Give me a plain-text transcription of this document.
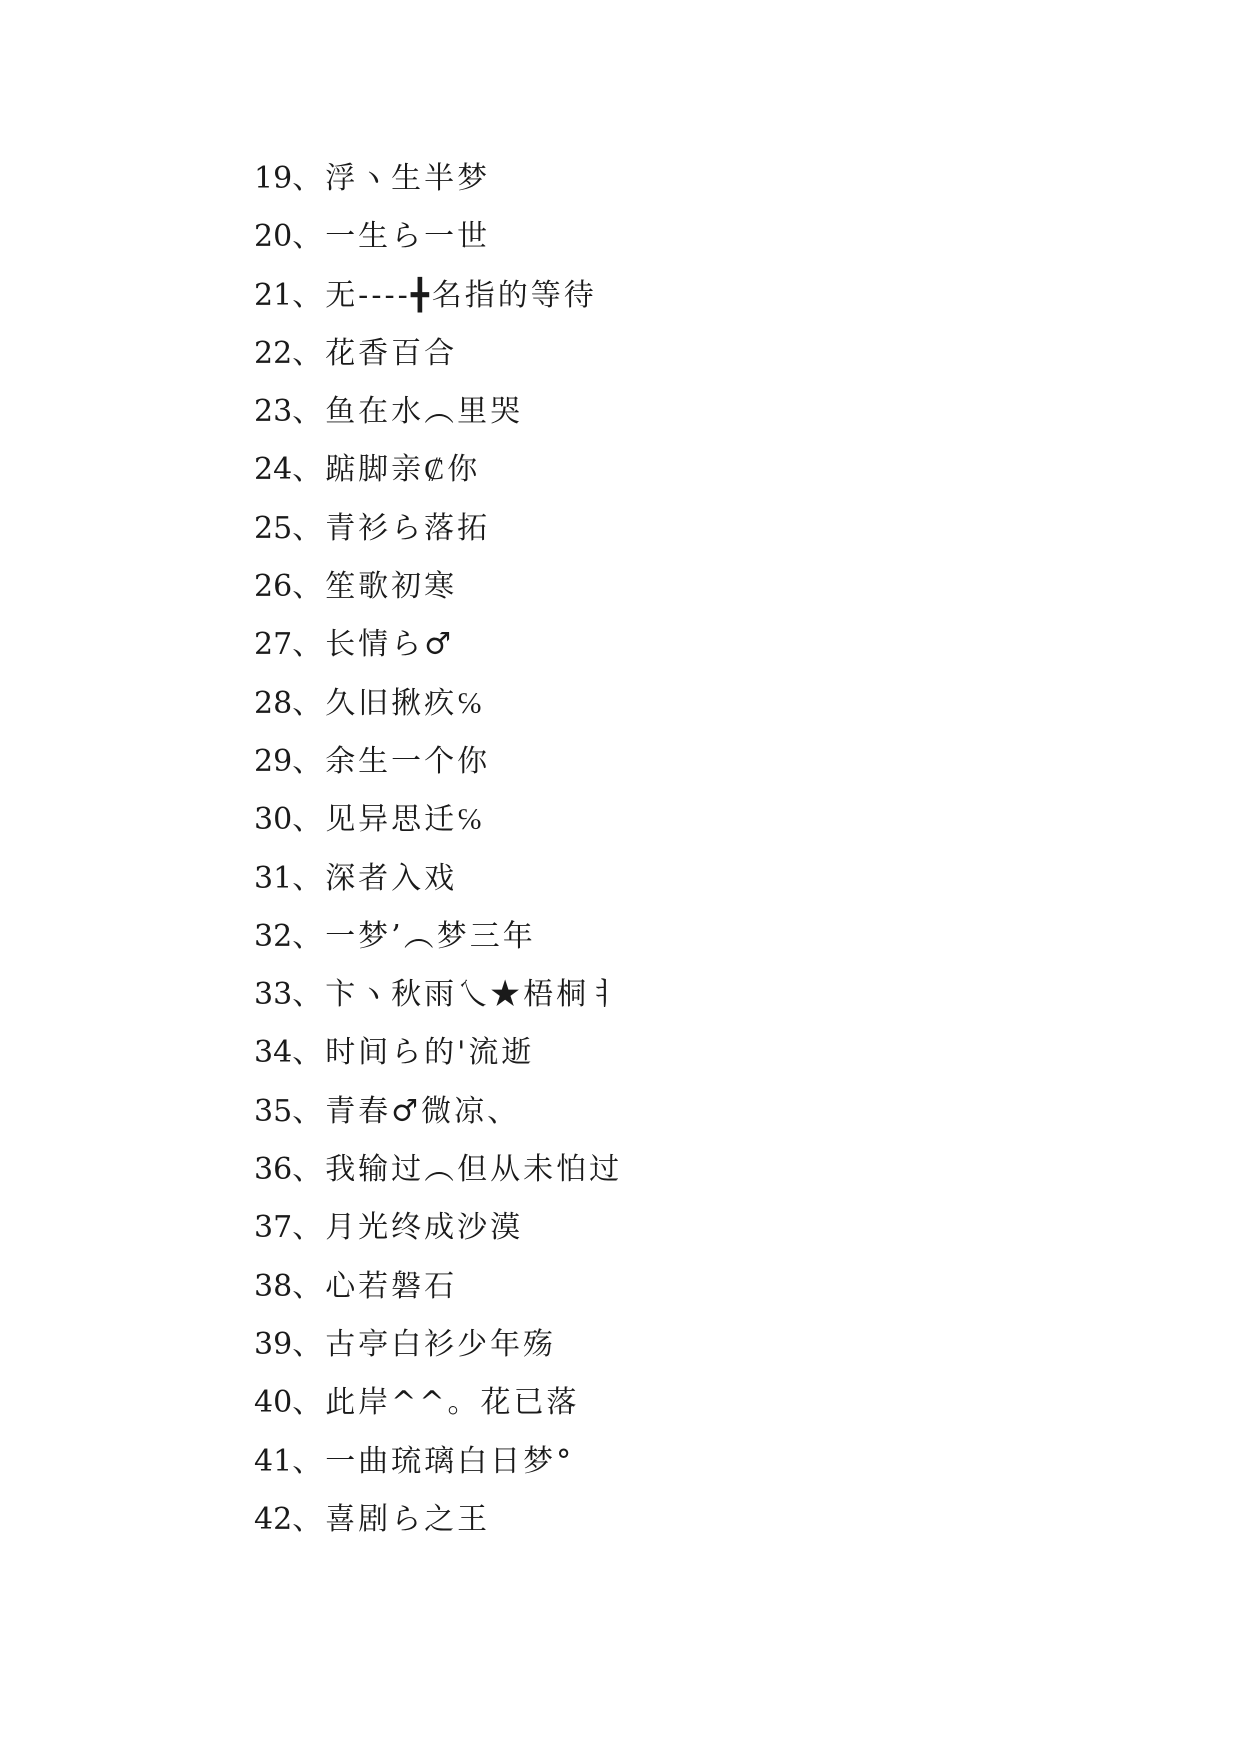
19、浮ヽ生半梦
20、一生ら一世
21、无----╋名指的等待
22、花香百合
23、鱼在水︵里哭
24、踮脚亲₡你
25、青衫ら落拓
26、笙歌初寒
27、长情ら♂
28、久旧揪疚℅
29、余生一个你
30、见异思迁℅
31、深者入戏
32、一梦’︵梦三年
33、卞ヽ秋雨乀★梧桐ㅕ
34、时间ら的'流逝
35、青春♂微凉、
36、我输过︵但从未怕过
37、月光终成沙漠
38、心若磐石
39、古亭白衫少年殇
40、此岸^^。花已落
41、一曲琉璃白日梦°
42、喜剧ら之王
